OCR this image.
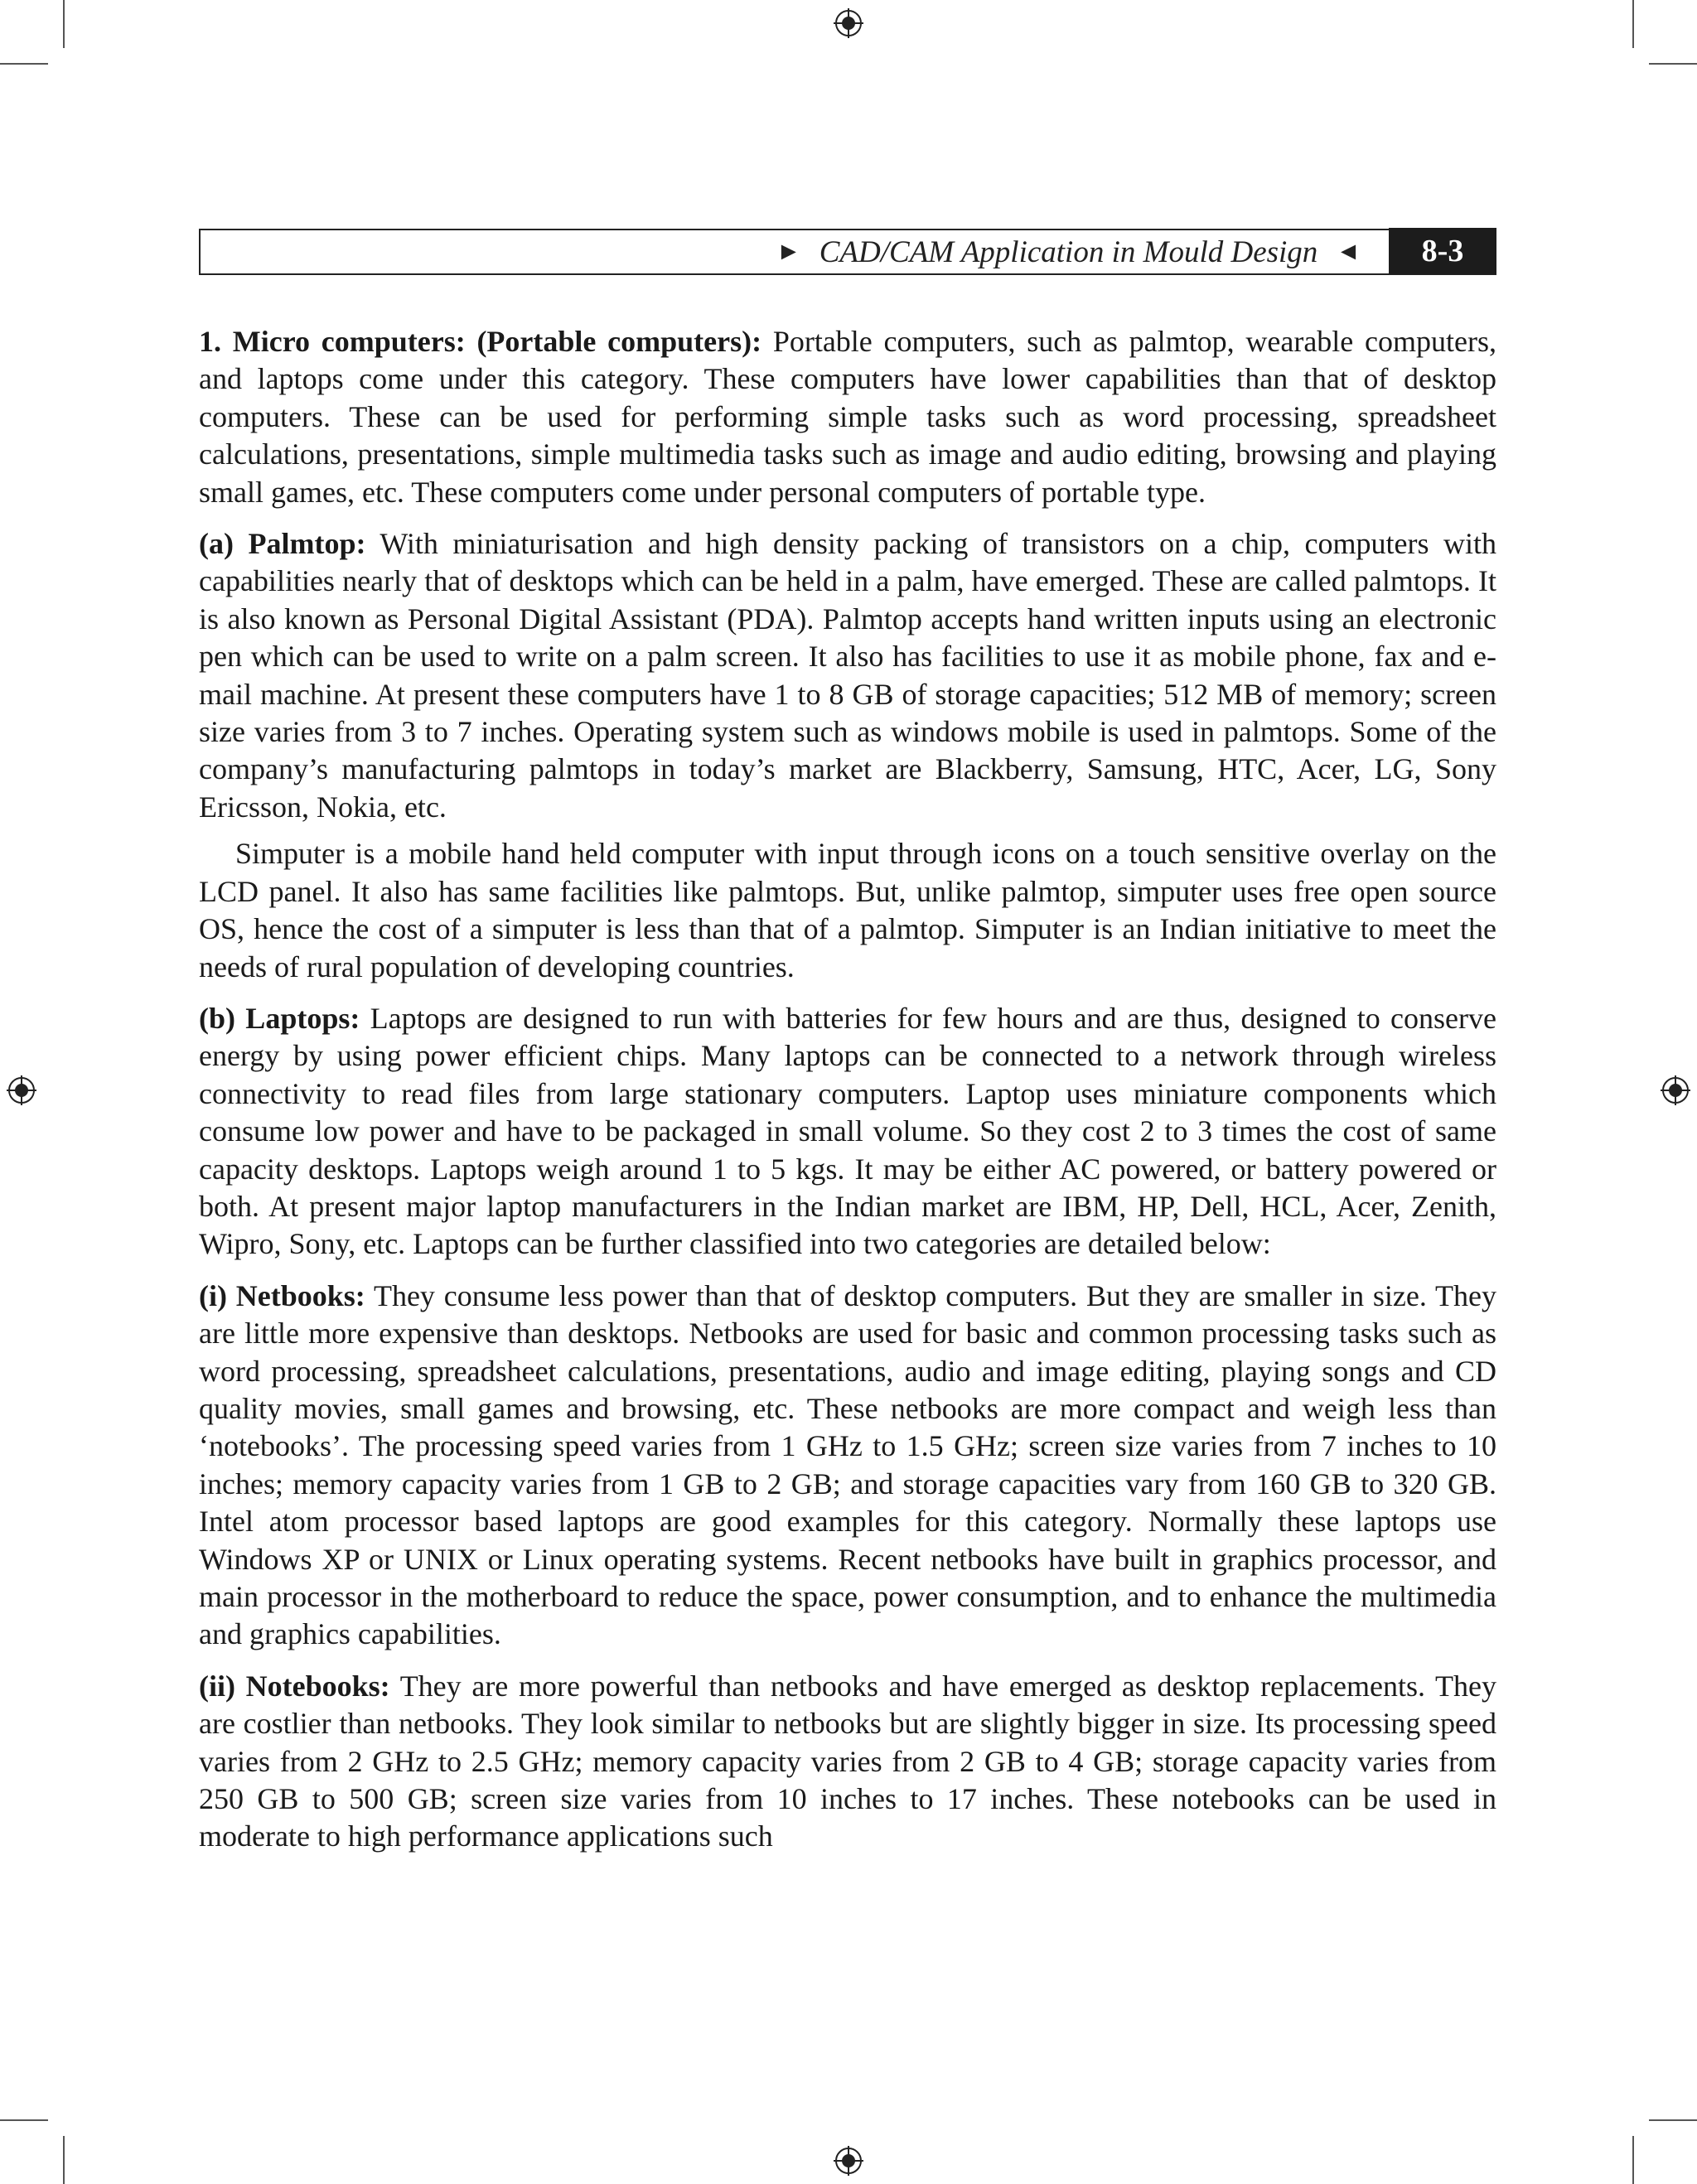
► CAD/CAM Application in Mould Design ◄	8-3

1. Micro computers: (Portable computers): Portable computers, such as palmtop, wearable computers, and laptops come under this category. These computers have lower capabilities than that of desktop computers. These can be used for performing simple tasks such as word processing, spreadsheet calculations, presentations, simple multimedia tasks such as image and audio editing, browsing and playing small games, etc. These computers come under personal computers of portable type.

(a) Palmtop: With miniaturisation and high density packing of transistors on a chip, computers with capabilities nearly that of desktops which can be held in a palm, have emerged. These are called palmtops. It is also known as Personal Digital Assistant (PDA). Palmtop accepts hand written inputs using an electronic pen which can be used to write on a palm screen. It also has facilities to use it as mobile phone, fax and e-mail machine. At present these computers have 1 to 8 GB of storage capacities; 512 MB of memory; screen size varies from 3 to 7 inches. Operating system such as windows mobile is used in palmtops. Some of the company’s manufacturing palmtops in today’s market are Blackberry, Samsung, HTC, Acer, LG, Sony Ericsson, Nokia, etc.

Simputer is a mobile hand held computer with input through icons on a touch sensitive overlay on the LCD panel. It also has same facilities like palmtops. But, unlike palmtop, simputer uses free open source OS, hence the cost of a simputer is less than that of a palmtop. Simputer is an Indian initiative to meet the needs of rural population of developing countries.

(b) Laptops: Laptops are designed to run with batteries for few hours and are thus, designed to conserve energy by using power efficient chips. Many laptops can be connected to a network through wireless connectivity to read files from large stationary computers. Laptop uses miniature components which consume low power and have to be packaged in small volume. So they cost 2 to 3 times the cost of same capacity desktops. Laptops weigh around 1 to 5 kgs. It may be either AC powered, or battery powered or both. At present major laptop manufacturers in the Indian market are IBM, HP, Dell, HCL, Acer, Zenith, Wipro, Sony, etc. Laptops can be further classified into two categories are detailed below:

(i) Netbooks: They consume less power than that of desktop computers. But they are smaller in size. They are little more expensive than desktops. Netbooks are used for basic and common processing tasks such as word processing, spreadsheet calculations, presentations, audio and image editing, playing songs and CD quality movies, small games and browsing, etc. These netbooks are more compact and weigh less than ‘notebooks’. The processing speed varies from 1 GHz to 1.5 GHz; screen size varies from 7 inches to 10 inches; memory capacity varies from 1 GB to 2 GB; and storage capacities vary from 160 GB to 320 GB. Intel atom processor based laptops are good examples for this category. Normally these laptops use Windows XP or UNIX or Linux operating systems. Recent netbooks have built in graphics processor, and main processor in the motherboard to reduce the space, power consumption, and to enhance the multimedia and graphics capabilities.

(ii) Notebooks: They are more powerful than netbooks and have emerged as desktop replacements. They are costlier than netbooks. They look similar to netbooks but are slightly bigger in size. Its processing speed varies from 2 GHz to 2.5 GHz; memory capacity varies from 2 GB to 4 GB; storage capacity varies from 250 GB to 500 GB; screen size varies from 10 inches to 17 inches. These notebooks can be used in moderate to high performance applications such
